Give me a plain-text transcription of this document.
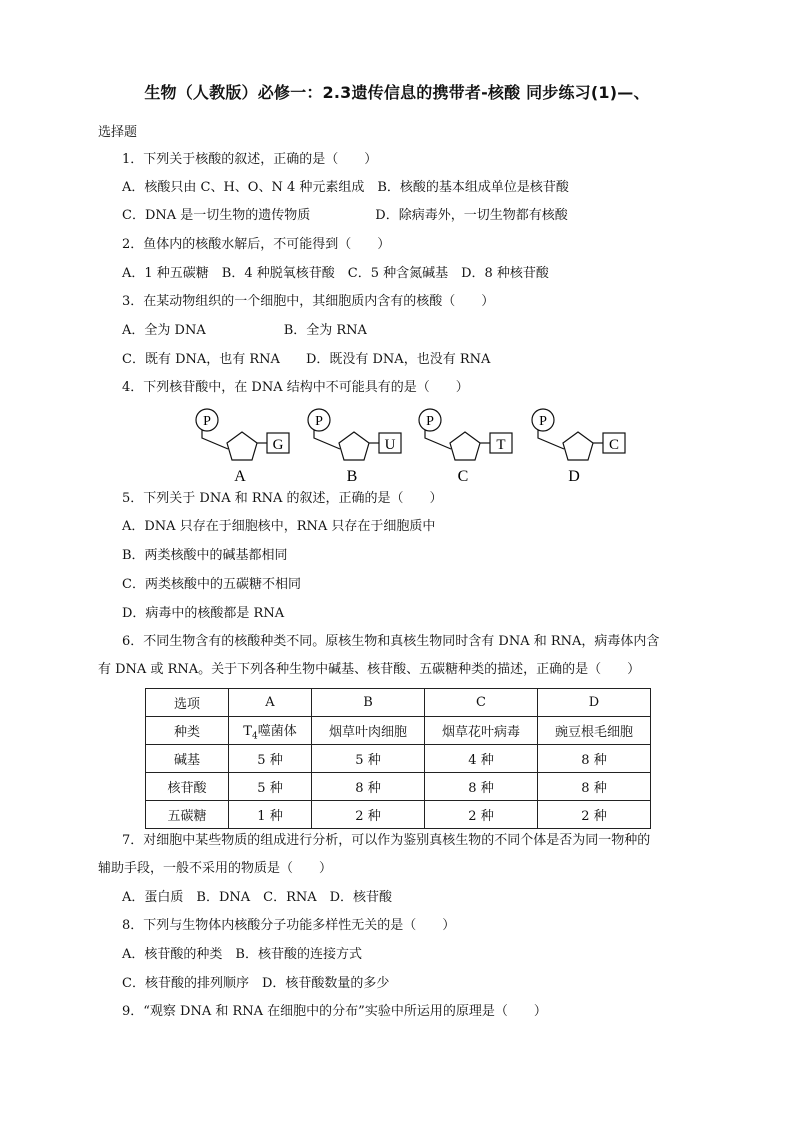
生物（人教版）必修一：2.3遗传信息的携带者-核酸 同步练习(1)—、
选择题
1．下列关于核酸的叙述，正确的是（　　）
A．核酸只由 C、H、O、N 4 种元素组成　B．核酸的基本组成单位是核苷酸
C．DNA 是一切生物的遗传物质　　　　　D．除病毒外，一切生物都有核酸
2．鱼体内的核酸水解后，不可能得到（　　）
A．1 种五碳糖　B．4 种脱氧核苷酸　C．5 种含氮碱基　D．8 种核苷酸
3．在某动物组织的一个细胞中，其细胞质内含有的核酸（　　）
A．全为 DNA　　　　　　B．全为 RNA
C．既有 DNA，也有 RNA　　D．既没有 DNA，也没有 RNA
4．下列核苷酸中，在 DNA 结构中不可能具有的是（　　）
P
G
A
P
U
B
P
T
C
P
C
D
5．下列关于 DNA 和 RNA 的叙述，正确的是（　　）
A．DNA 只存在于细胞核中，RNA 只存在于细胞质中
B．两类核酸中的碱基都相同
C．两类核酸中的五碳糖不相同
D．病毒中的核酸都是 RNA
6．不同生物含有的核酸种类不同。原核生物和真核生物同时含有 DNA 和 RNA，病毒体内含
有 DNA 或 RNA。关于下列各种生物中碱基、核苷酸、五碳糖种类的描述，正确的是（　　）
选项	A	B	C	D
种类	$T_4$噬菌体	烟草叶肉细胞	烟草花叶病毒	豌豆根毛细胞
碱基	5 种	5 种	4 种	8 种
核苷酸	5 种	8 种	8 种	8 种
五碳糖	1 种	2 种	2 种	2 种
7．对细胞中某些物质的组成进行分析，可以作为鉴别真核生物的不同个体是否为同一物种的
辅助手段，一般不采用的物质是（　　）
A．蛋白质　B．DNA　C．RNA　D．核苷酸
8．下列与生物体内核酸分子功能多样性无关的是（　　）
A．核苷酸的种类　B．核苷酸的连接方式
C．核苷酸的排列顺序　D．核苷酸数量的多少
9．“观察 DNA 和 RNA 在细胞中的分布”实验中所运用的原理是（　　）
